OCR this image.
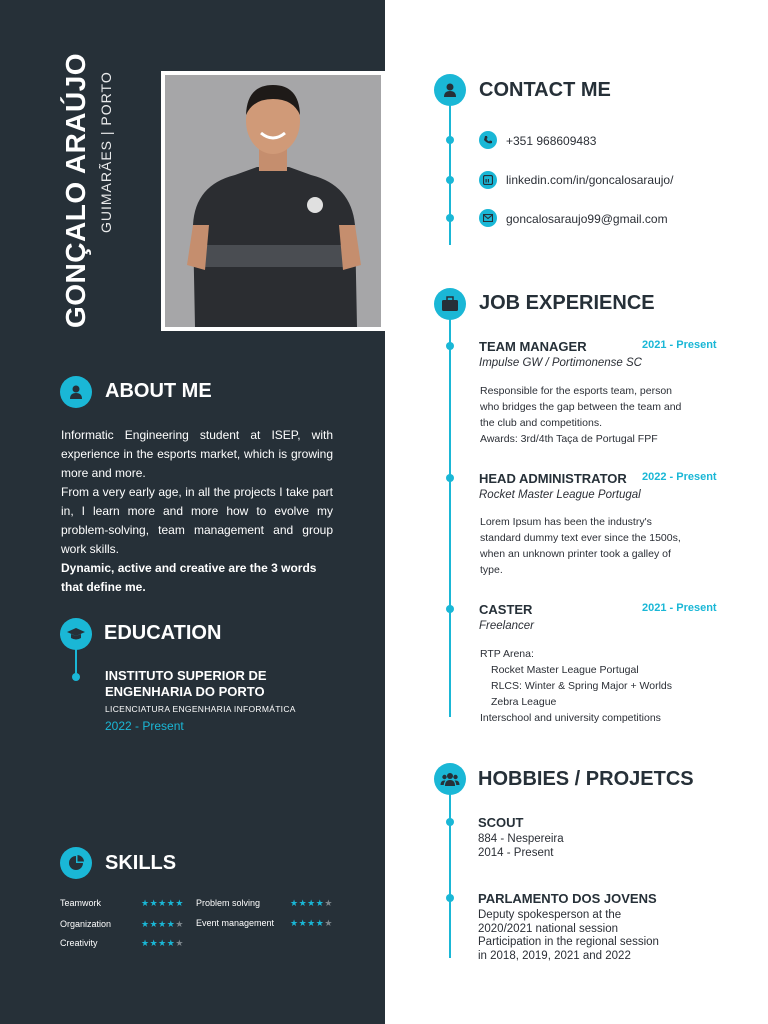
GONÇALO ARAÚJO GUIMARÃES | PORTO
ABOUT ME

Informatic Engineering student at ISEP, with experience in the esports market, which is growing more and more.

From a very early age, in all the projects I take part in, I learn more and more how to evolve my problem-solving, team management and group work skills.

Dynamic, active and creative are the 3 words that define me.

EDUCATION
INSTITUTO SUPERIOR DE ENGENHARIA DO PORTO
LICENCIATURA ENGENHARIA INFORMÁTICA
2022 - Present
SKILLS
Teamwork	★★★★★ Problem solving	★★★★★
Organization	★★★★★ Event management ★★★★★
Creativity	★★★★★
CONTACT ME
+351 968609483
linkedin.com/in/goncalosaraujo/
goncalosaraujo99@gmail.com
JOB EXPERIENCE
TEAM MANAGER	2021 - Present
Impulse GW / Portimonense SC
Responsible for the esports team, person
who bridges the gap between the team and
the club and competitions.
Awards: 3rd/4th Taça de Portugal FPF
HEAD ADMINISTRATOR 2022 - Present
Rocket Master League Portugal
Lorem Ipsum has been the industry's
standard dummy text ever since the 1500s,
when an unknown printer took a galley of
type.
CASTER	2021 - Present
Freelancer
RTP Arena:
Rocket Master League Portugal
RLCS: Winter & Spring Major + Worlds
Zebra League
Interschool and university competitions
HOBBIES / PROJETCS
SCOUT
884 - Nespereira
2014 - Present
PARLAMENTO DOS JOVENS
Deputy spokesperson at the
2020/2021 national session
Participation in the regional session
in 2018, 2019, 2021 and 2022
